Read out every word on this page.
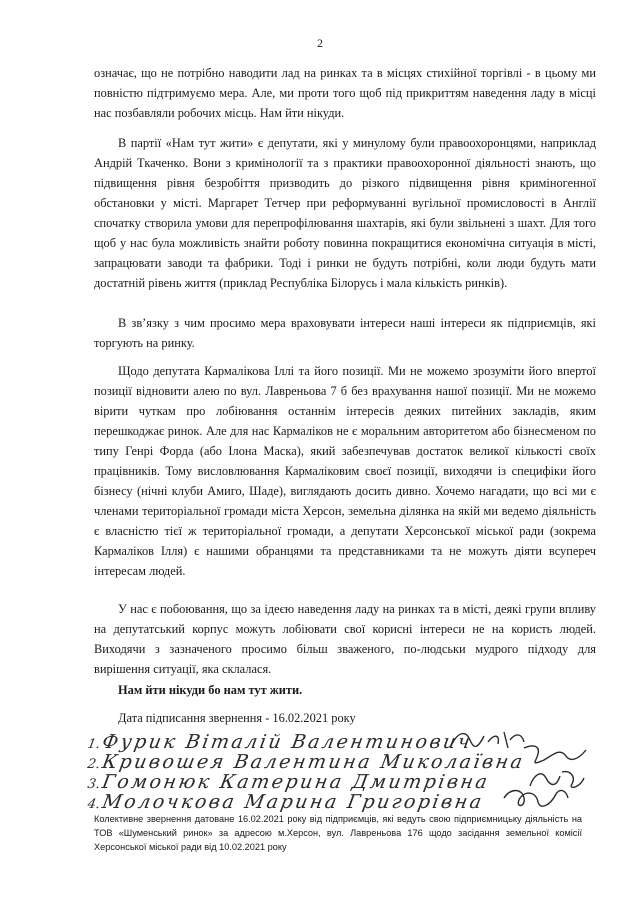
2

означає, що не потрібно наводити лад на ринках та в місцях стихійної торгівлі - в цьому ми повністю підтримуємо мера. Але, ми проти того щоб під прикриттям наведення ладу в місці нас позбавляли робочих місць. Нам йти нікуди.

В партії «Нам тут жити» є депутати, які у минулому були правоохоронцями, наприклад Андрій Ткаченко. Вони з кримінології та з практики правоохоронної діяльності знають, що підвищення рівня безробіття призводить до різкого підвищення рівня криміногенної обстановки у місті. Маргарет Тетчер при реформуванні вугільної промисловості в Англії спочатку створила умови для перепрофілювання шахтарів, які були звільнені з шахт. Для того щоб у нас була можливість знайти роботу повинна покращитися економічна ситуація в місті, запрацювати заводи та фабрики. Тоді і ринки не будуть потрібні, коли люди будуть мати достатній рівень життя (приклад Республіка Білорусь і мала кількість ринків).

В зв’язку з чим просимо мера враховувати інтереси наші інтереси як підприємців, які торгують на ринку.

Щодо депутата Кармалікова Іллі та його позиції. Ми не можемо зрозуміти його впертої позиції відновити алею по вул. Лавреньова 7 б без врахування нашої позиції. Ми не можемо вірити чуткам про лобіювання останнім інтересів деяких питейних закладів, яким перешкоджає ринок. Але для нас Кармаліков не є моральним авторитетом або бізнесменом по типу Генрі Форда (або Ілона Маска), який забезпечував достаток великої кількості своїх працівників. Тому висловлювання Кармаліковим своєї позиції, виходячи із специфіки його бізнесу (нічні клуби Амиго, Шаде), виглядають досить дивно. Хочемо нагадати, що всі ми є членами територіальної громади міста Херсон, земельна ділянка на якій ми ведемо діяльність є власністю тієї ж територіальної громади, а депутати Херсонської міської ради (зокрема Кармаліков Ілля) є нашими обранцями та представниками та не можуть діяти всупереч інтересам людей.

У нас є побоювання, що за ідеєю наведення ладу на ринках та в місті, деякі групи впливу на депутатський корпус можуть лобіювати свої корисні інтереси не на користь людей. Виходячи з зазначеного просимо більш зваженого, по-людськи мудрого підходу для вирішення ситуації, яка склалася.

Нам йти нікуди бо нам тут жити.

Дата підписання звернення - 16.02.2021 року

1.Фурик Віталій Валентинович
2.Кривошея Валентина Миколаївна
3.Гомонюк Катерина Дмитрівна
4.Молочкова Марина Григорівна

Колективне звернення датоване 16.02.2021 року від підприємців, які ведуть свою підприємницьку діяльність на ТОВ «Шуменський ринок» за адресою м.Херсон, вул. Лавреньова 176 щодо засідання земельної комісії Херсонської міської ради від 10.02.2021 року
